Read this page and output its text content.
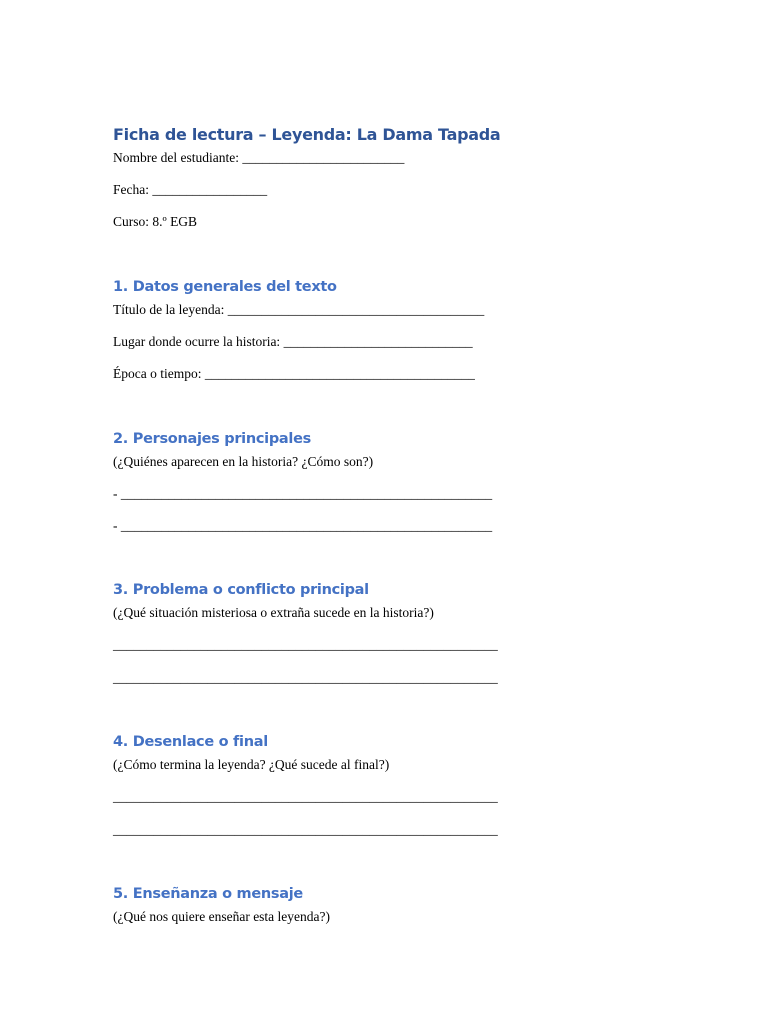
Ficha de lectura – Leyenda: La Dama Tapada

Nombre del estudiante: ________________________

Fecha: _________________

Curso: 8.º EGB

1. Datos generales del texto

Título de la leyenda: ______________________________________

Lugar donde ocurre la historia: ____________________________

Época o tiempo: ________________________________________

2. Personajes principales

(¿Quiénes aparecen en la historia? ¿Cómo son?)

- _______________________________________________________

- _______________________________________________________

3. Problema o conflicto principal

(¿Qué situación misteriosa o extraña sucede en la historia?)

_________________________________________________________

_________________________________________________________

4. Desenlace o final

(¿Cómo termina la leyenda? ¿Qué sucede al final?)

_________________________________________________________

_________________________________________________________

5. Enseñanza o mensaje

(¿Qué nos quiere enseñar esta leyenda?)
